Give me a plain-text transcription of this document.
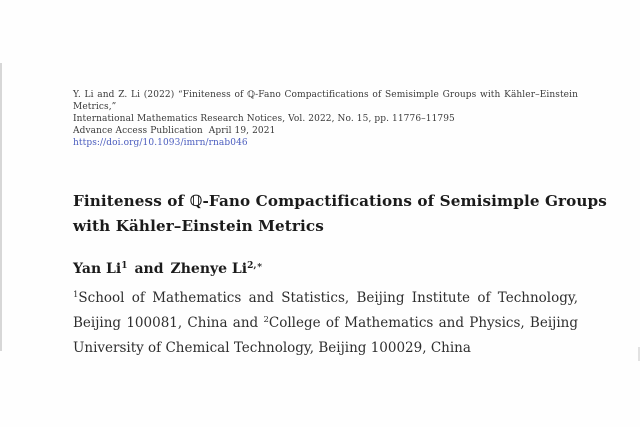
Y. Li and Z. Li (2022) “Finiteness of ℚ-Fano Compactifications of Semisimple Groups with Kähler–Einstein
Metrics,”
International Mathematics Research Notices, Vol. 2022, No. 15, pp. 11776–11795
Advance Access Publication  April 19, 2021
https://doi.org/10.1093/imrn/rnab046
Finiteness of ℚ-Fano Compactifications of Semisimple Groups
with Kähler–Einstein Metrics
Yan Li$^1$ and Zhenye $Li^{2,∗}$
$^1$School of Mathematics and Statistics, Beijing Institute of Technology, Beijing 100081, China and $^2$College of Mathematics and Physics, Beijing University of Chemical Technology, Beijing 100029, China
